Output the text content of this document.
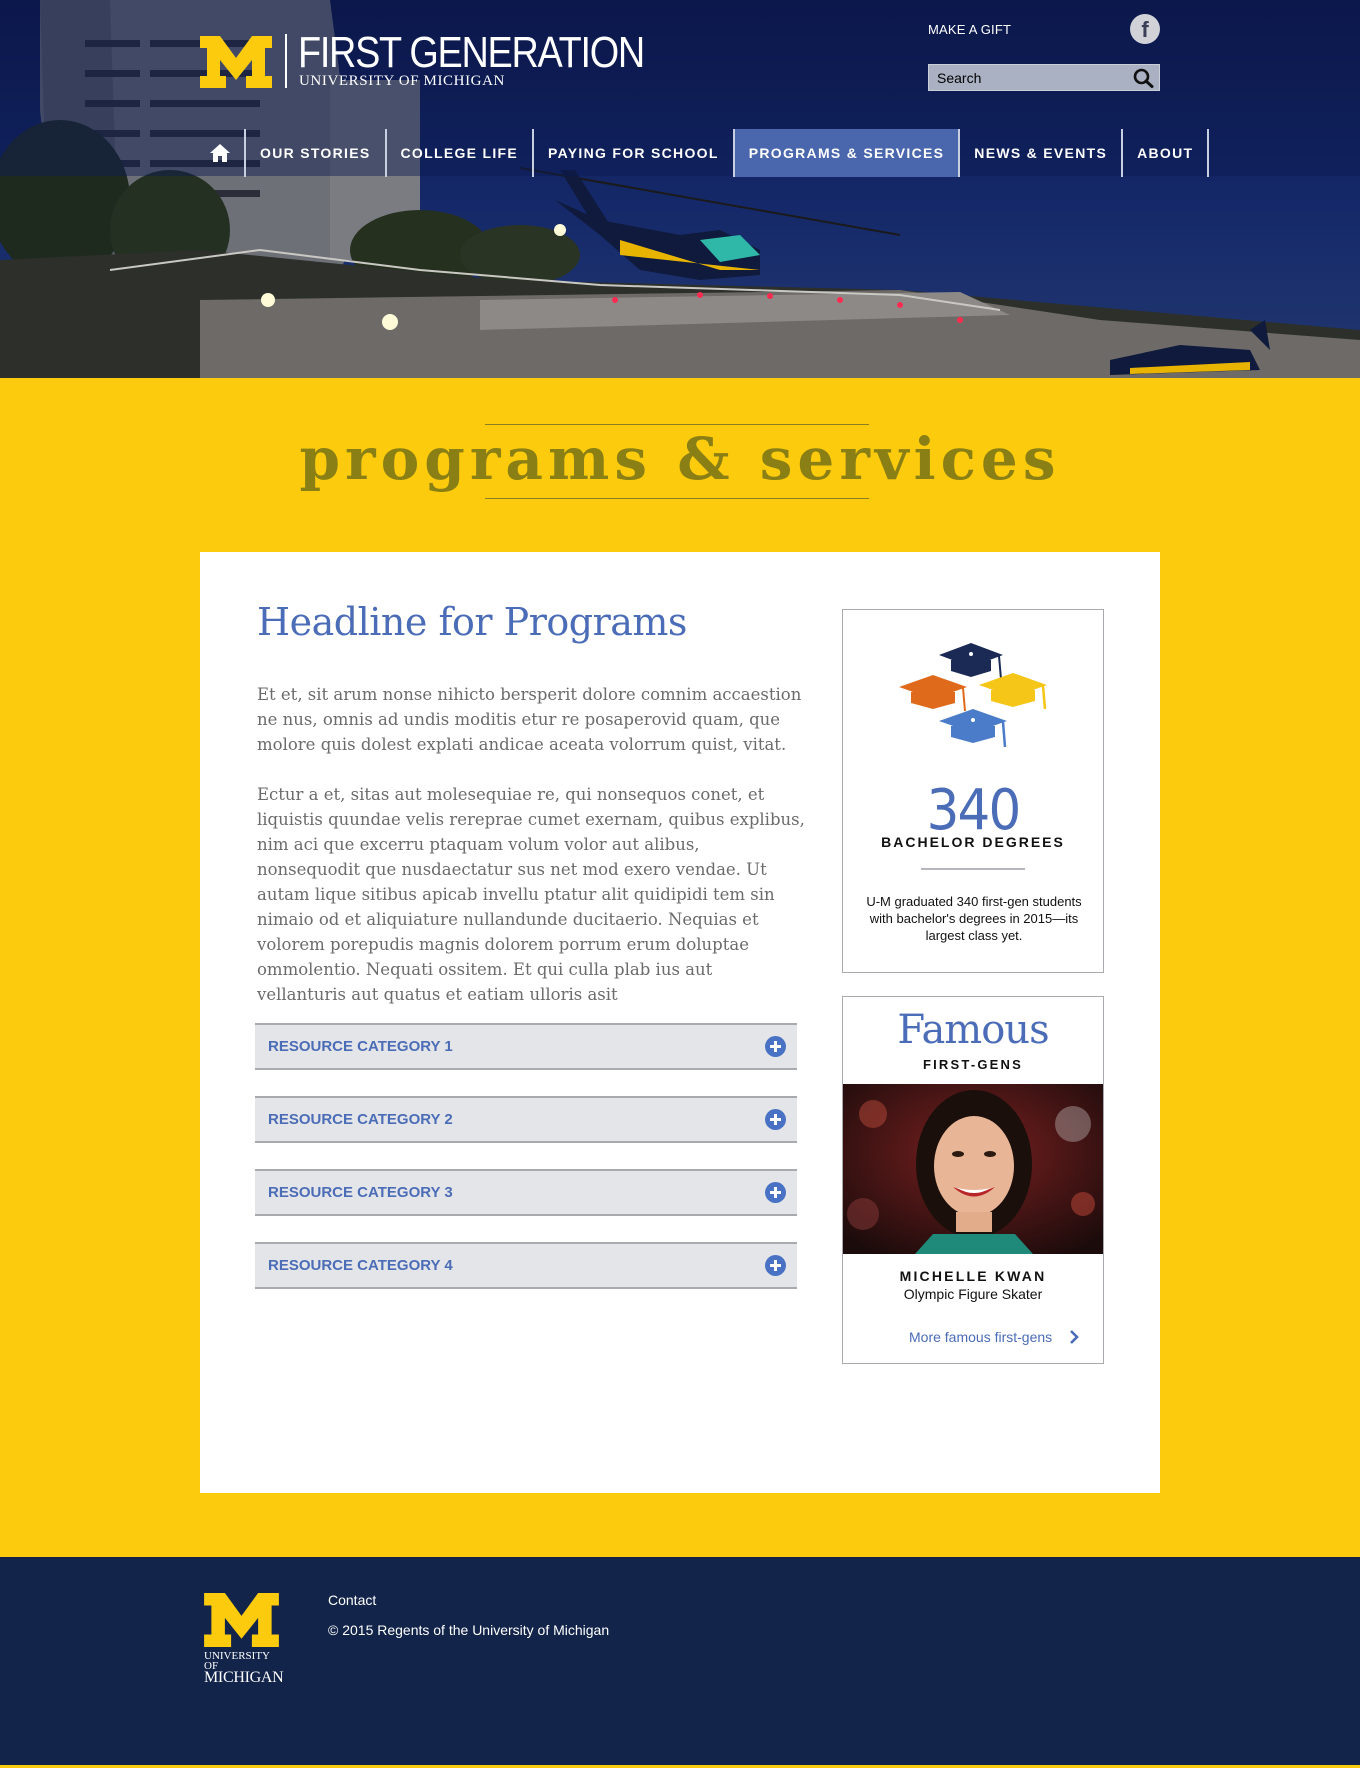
FIRST GENERATION
UNIVERSITY OF MICHIGAN
MAKE A GIFT	f
Search
OUR STORIES	COLLEGE LIFE	PAYING FOR SCHOOL	PROGRAMS & SERVICES	NEWS & EVENTS	ABOUT
programs & services
Headline for Programs

Et et, sit arum nonse nihicto bersperit dolore comnim accaestion ne nus, omnis ad undis moditis etur re posaperovid quam, que molore quis dolest explati andicae aceata volorrum quist, vitat.

Ectur a et, sitas aut molesequiae re, qui nonsequos conet, et liquistis quundae velis rereprae cumet exernam, quibus explibus, nim aci que excerru ptaquam volum volor aut alibus, nonsequodit que nusdaectatur sus net mod exero vendae. Ut autam lique sitibus apicab invellu ptatur alit quidipidi tem sin nimaio od et aliquiature nullandunde ducitaerio. Nequias et volorem porepudis magnis dolorem porrum erum doluptae ommolentio. Nequati ossitem. Et qui culla plab ius aut vellanturis aut quatus et eatiam ulloris asit

RESOURCE CATEGORY 1
RESOURCE CATEGORY 2
RESOURCE CATEGORY 3
RESOURCE CATEGORY 4
340
BACHELOR DEGREES
U-M graduated 340 first-gen students with bachelor's degrees in 2015—its largest class yet.
Famous
FIRST-GENS
MICHELLE KWAN
Olympic Figure Skater
More famous first-gens
UNIVERSITY OF
MICHIGAN
Contact
© 2015 Regents of the University of Michigan
